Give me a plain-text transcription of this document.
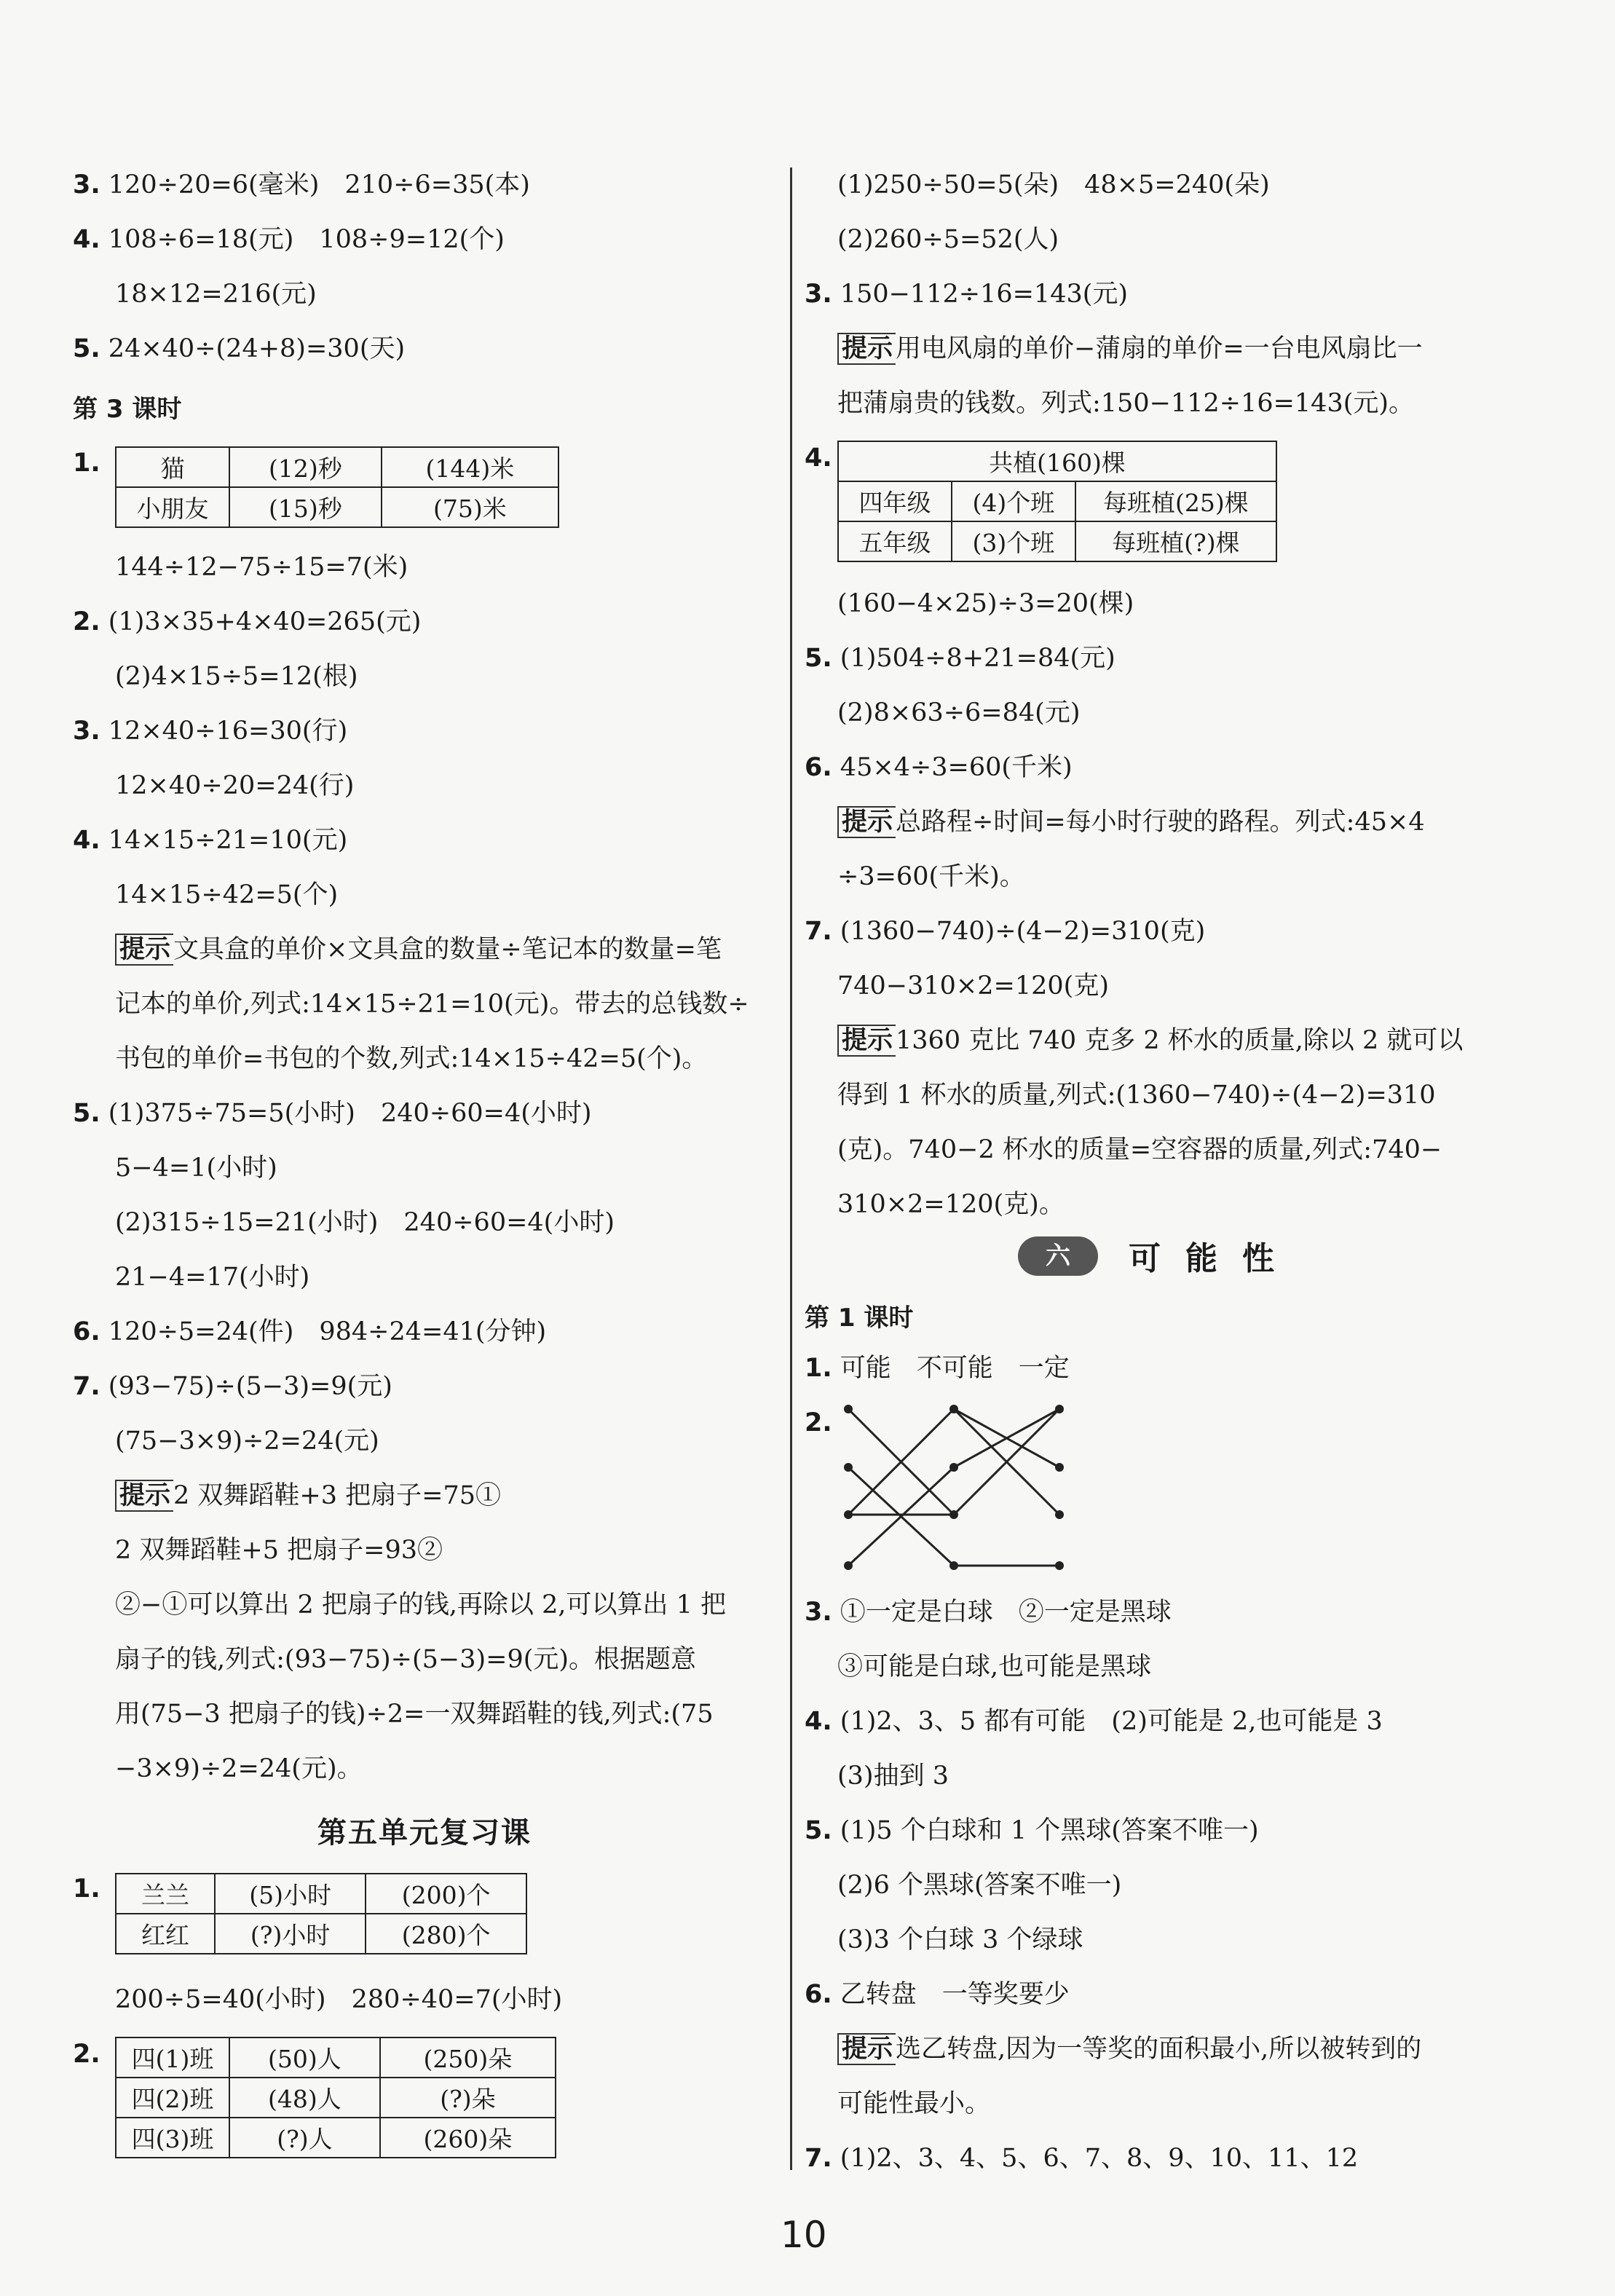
3. 120÷20=6(毫米)　210÷6=35(本)
4. 108÷6=18(元)　108÷9=12(个)
18×12=216(元)
5. 24×40÷(24+8)=30(天)
第 3 课时
1.	猫	(12)秒	(144)米
小朋友	(15)秒	(75)米
144÷12−75÷15=7(米)
2. (1)3×35+4×40=265(元)
(2)4×15÷5=12(根)
3. 12×40÷16=30(行)
12×40÷20=24(行)
4. 14×15÷21=10(元)
14×15÷42=5(个)
提示 文具盒的单价×文具盒的数量÷笔记本的数量=笔
记本的单价,列式:14×15÷21=10(元)。带去的总钱数÷
书包的单价=书包的个数,列式:14×15÷42=5(个)。
5. (1)375÷75=5(小时)　240÷60=4(小时)
5−4=1(小时)
(2)315÷15=21(小时)　240÷60=4(小时)
21−4=17(小时)
6. 120÷5=24(件)　984÷24=41(分钟)
7. (93−75)÷(5−3)=9(元)
(75−3×9)÷2=24(元)
提示 2 双舞蹈鞋+3 把扇子=75①
2 双舞蹈鞋+5 把扇子=93②
②−①可以算出 2 把扇子的钱,再除以 2,可以算出 1 把
扇子的钱,列式:(93−75)÷(5−3)=9(元)。根据题意
用(75−3 把扇子的钱)÷2=一双舞蹈鞋的钱,列式:(75
−3×9)÷2=24(元)。
第五单元复习课
1. 兰兰	(5)小时	(200)个
红红	(?)小时	(280)个
200÷5=40(小时)　280÷40=7(小时)
2. 四(1)班	(50)人	(250)朵
四(2)班	(48)人	(?)朵
四(3)班	(?)人	(260)朵
(1)250÷50=5(朵)　48×5=240(朵)
(2)260÷5=52(人)
3. 150−112÷16=143(元)
提示 用电风扇的单价−蒲扇的单价=一台电风扇比一
把蒲扇贵的钱数。列式:150−112÷16=143(元)。
4.	共植(160)棵		
四年级	(4)个班	每班植(25)棵
五年级	(3)个班	每班植(?)棵
(160−4×25)÷3=20(棵)
5. (1)504÷8+21=84(元)
(2)8×63÷6=84(元)
6. 45×4÷3=60(千米)
提示 总路程÷时间=每小时行驶的路程。列式:45×4
÷3=60(千米)。
7. (1360−740)÷(4−2)=310(克)
740−310×2=120(克)
提示 1360 克比 740 克多 2 杯水的质量,除以 2 就可以
得到 1 杯水的质量,列式:(1360−740)÷(4−2)=310
(克)。740−2 杯水的质量=空容器的质量,列式:740−
310×2=120(克)。
六	可能性
第 1 课时
1. 可能　不可能　一定
2.
3. ①一定是白球　②一定是黑球
③可能是白球,也可能是黑球
4. (1)2、3、5 都有可能　(2)可能是 2,也可能是 3
(3)抽到 3
5. (1)5 个白球和 1 个黑球(答案不唯一)
(2)6 个黑球(答案不唯一)
(3)3 个白球 3 个绿球
6. 乙转盘　一等奖要少
提示 选乙转盘,因为一等奖的面积最小,所以被转到的
可能性最小。
7. (1)2、3、4、5、6、7、8、9、10、11、12
10
